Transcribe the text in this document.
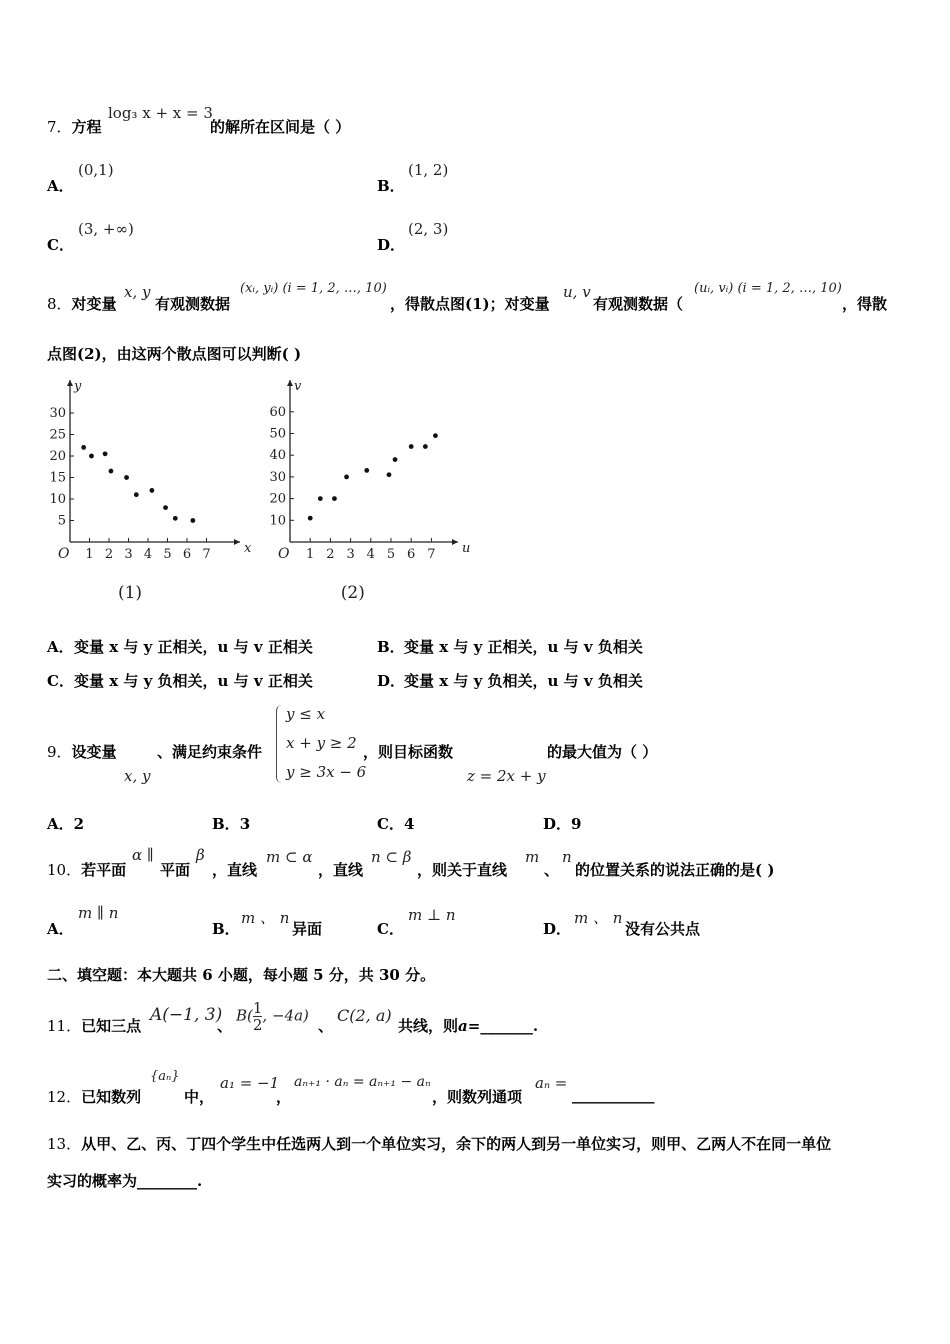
7．方程
log₃ x + x = 3
的解所在区间是（ ）
A．
(0,1)
B．
(1, 2)
C．
(3, +∞)
D．
(2, 3)
8．对变量
x, y
有观测数据
(xᵢ, yᵢ) (i = 1, 2, …, 10)
，得散点图(1)；对变量
u, v
有观测数据（
(uᵢ, vᵢ) (i = 1, 2, …, 10)
，得散
点图(2)，由这两个散点图可以判断( )
x
y
O 1 2 3 4 5 6 7
5
10
15
20
25
30
(1)
u
v
O 1 2 3 4 5 6 7
10
20
30
40
50
60
(2)
A． 变量 x 与 y 正相关，u 与 v 正相关	B． 变量 x 与 y 正相关，u 与 v 负相关
C． 变量 x 与 y 负相关，u 与 v 正相关	D．
变量 x 与 y 负相关，u 与 v 负相关
9．设变量	、满足约束条件
x, y
y ≤ x
x + y ≥ 2
y ≥ 3x − 6
，则目标函数
z = 2x + y
的最大值为（ ）
A．2	B．3	C．4	D．9
10．若平面
α ∥
平面
β
，直线
m ⊂ α
，直线
n ⊂ β
，则关于直线
m
、
n
的位置关系的说法正确的是( )
A．
m ∥ n
B．
m 、 n
异面	C．
m ⊥ n
D．
m 、 n
没有公共点
二、填空题：本大题共 6 小题，每小题 5 分，共 30 分。
11．已知三点
A(−1, 3)
、
$B( \frac{1}{2}$ , −4a)
、
C(2, a)
共线，则a=_______.
12．已知数列
{aₙ}
中，
a₁ = −1
，
aₙ₊₁ · aₙ = aₙ₊₁ − aₙ
，则数列通项
aₙ =
___________
13．从甲、乙、丙、丁四个学生中任选两人到一个单位实习，余下的两人到另一单位实习，则甲、乙两人不在同一单位
实习的概率为________.
